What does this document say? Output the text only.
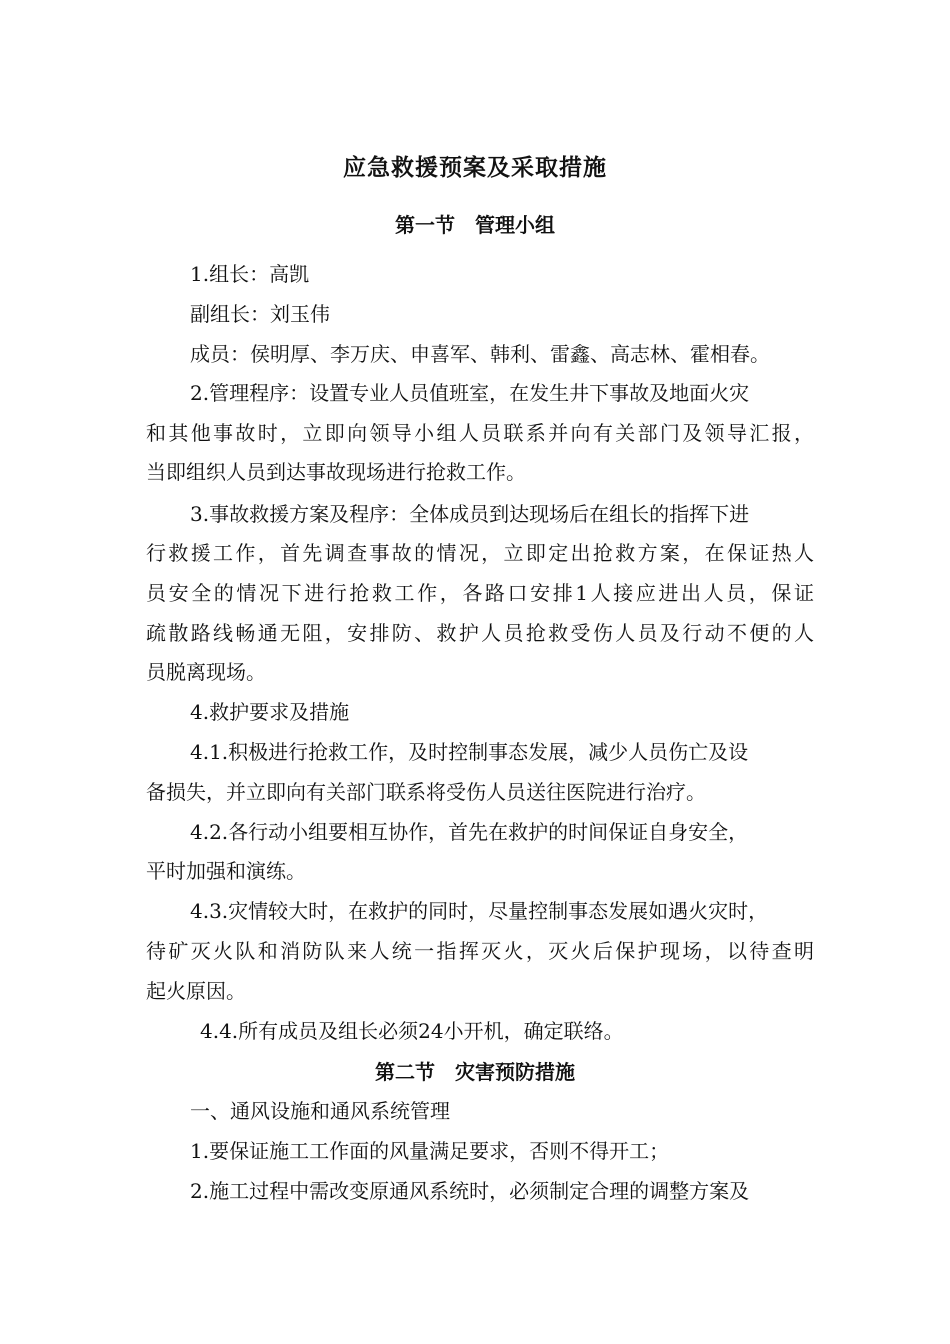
应急救援预案及采取措施
第一节　管理小组
1.组长：高凯
副组长：刘玉伟
成员：侯明厚、李万庆、申喜军、韩利、雷鑫、高志林、霍相春。
2.管理程序：设置专业人员值班室，在发生井下事故及地面火灾
和其他事故时，立即向领导小组人员联系并向有关部门及领导汇报，
当即组织人员到达事故现场进行抢救工作。
3.事故救援方案及程序：全体成员到达现场后在组长的指挥下进
行救援工作，首先调查事故的情况，立即定出抢救方案，在保证热人
员安全的情况下进行抢救工作，各路口安排1人接应进出人员，保证
疏散路线畅通无阻，安排防、救护人员抢救受伤人员及行动不便的人
员脱离现场。
4.救护要求及措施
4.1.积极进行抢救工作，及时控制事态发展，减少人员伤亡及设
备损失，并立即向有关部门联系将受伤人员送往医院进行治疗。
4.2.各行动小组要相互协作，首先在救护的时间保证自身安全，
平时加强和演练。
4.3.灾情较大时，在救护的同时，尽量控制事态发展如遇火灾时，
待矿灭火队和消防队来人统一指挥灭火，灭火后保护现场，以待查明
起火原因。
4.4.所有成员及组长必须24小开机，确定联络。
第二节　灾害预防措施
一、通风设施和通风系统管理
1.要保证施工工作面的风量满足要求，否则不得开工；
2.施工过程中需改变原通风系统时，必须制定合理的调整方案及
